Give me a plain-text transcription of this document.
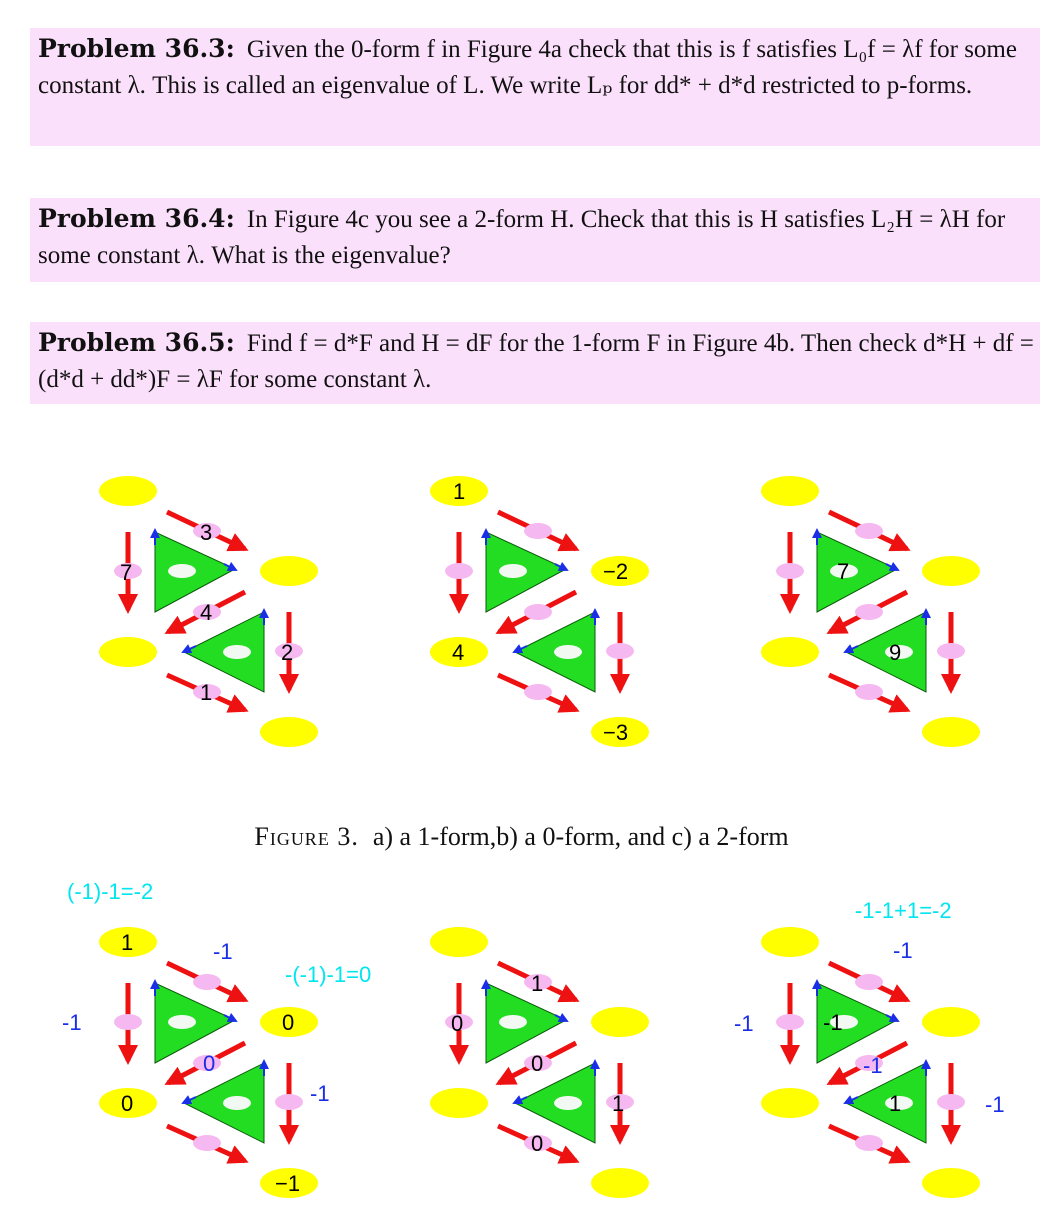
Problem 36.3: Given the 0-form f in Figure 4a check that this is f satisfies L₀f = λf for some constant λ. This is called an eigenvalue of L. We write Lₚ for dd* + d*d restricted to p-forms.
Problem 36.4: In Figure 4c you see a 2-form H. Check that this is H satisfies L₂H = λH for some constant λ. What is the eigenvalue?
Problem 36.5: Find f = d*F and H = dF for the 1-form F in Figure 4b. Then check d*H + df = (d*d + dd*)F = λF for some constant λ.
3
7
4
2
1
1
−2
4
−3
7
9
Figure 3. a) a 1-form,b) a 0-form, and c) a 2-form
(-1)-1=-2
-(-1)-1=0
1
0
0
−1
-1
-1
0
-1
1
0
0
1
0
-1-1+1=-2
-1
-1
-1
-1
-1
1
